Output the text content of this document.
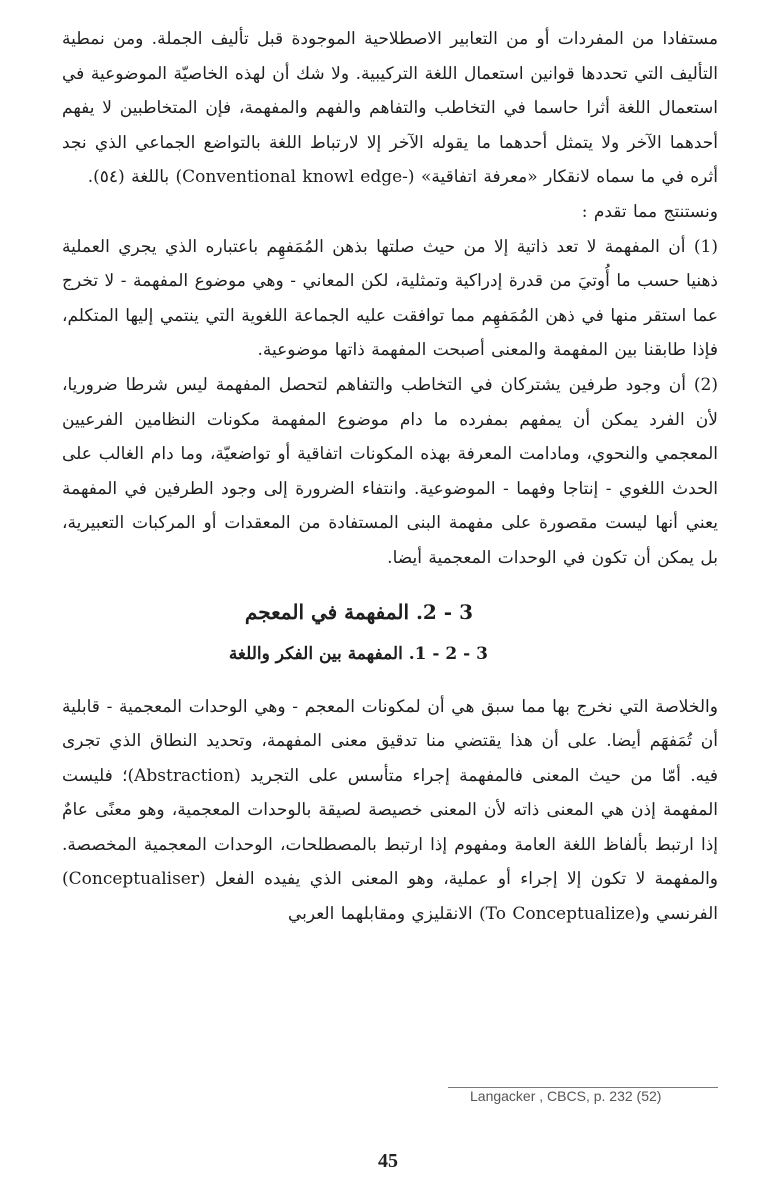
مستفادا من المفردات أو من التعابير الاصطلاحية الموجودة قبل تأليف الجملة. ومن نمطية التأليف التي تحددها قوانين استعمال اللغة التركيبية. ولا شك أن لهذه الخاصيّة الموضوعية في استعمال اللغة أثرا حاسما في التخاطب والتفاهم والفهم والمفهمة، فإن المتخاطبين لا يفهم أحدهما الآخر ولا يتمثل أحدهما ما يقوله الآخر إلا لارتباط اللغة بالتواضع الجماعي الذي نجد أثره في ما سماه لانقكار «معرفة اتفاقية» (-Conventional knowl edge) باللغة (٥٤).

ونستنتج مما تقدم :

(1) أن المفهمة لا تعد ذاتية إلا من حيث صلتها بذهن المُمَفهِم باعتباره الذي يجري العملية ذهنيا حسب ما أُوتيَ من قدرة إدراكية وتمثلية، لكن المعاني - وهي موضوع المفهمة - لا تخرج عما استقر منها في ذهن المُمَفهِم مما توافقت عليه الجماعة اللغوية التي ينتمي إليها المتكلم، فإذا طابقنا بين المفهمة والمعنى أصبحت المفهمة ذاتها موضوعية.

(2) أن وجود طرفين يشتركان في التخاطب والتفاهم لتحصل المفهمة ليس شرطا ضروريا، لأن الفرد يمكن أن يمفهم بمفرده ما دام موضوع المفهمة مكونات النظامين الفرعيين المعجمي والنحوي، ومادامت المعرفة بهذه المكونات اتفاقية أو تواضعيّة، وما دام الغالب على الحدث اللغوي - إنتاجا وفهما - الموضوعية. وانتفاء الضرورة إلى وجود الطرفين في المفهمة يعني أنها ليست مقصورة على مفهمة البنى المستفادة من المعقدات أو المركبات التعبيرية، بل يمكن أن تكون في الوحدات المعجمية أيضا.

3 - 2. المفهمة في المعجم
3 - 2 - 1. المفهمة بين الفكر واللغة

والخلاصة التي نخرج بها مما سبق هي أن لمكونات المعجم - وهي الوحدات المعجمية - قابلية أن تُمَفهَم أيضا. على أن هذا يقتضي منا تدقيق معنى المفهمة، وتحديد النطاق الذي تجرى فيه. أمّا من حيث المعنى فالمفهمة إجراء متأسس على التجريد (Abstraction)؛ فليست المفهمة إذن هي المعنى ذاته لأن المعنى خصيصة لصيقة بالوحدات المعجمية، وهو معنًى عامٌ إذا ارتبط بألفاظ اللغة العامة ومفهوم إذا ارتبط بالمصطلحات، الوحدات المعجمية المخصصة. والمفهمة لا تكون إلا إجراء أو عملية، وهو المعنى الذي يفيده الفعل (Conceptualiser) الفرنسي و(To Conceptualize) الانقليزي ومقابلهما العربي

Langacker , CBCS, p. 232 (52)
45
